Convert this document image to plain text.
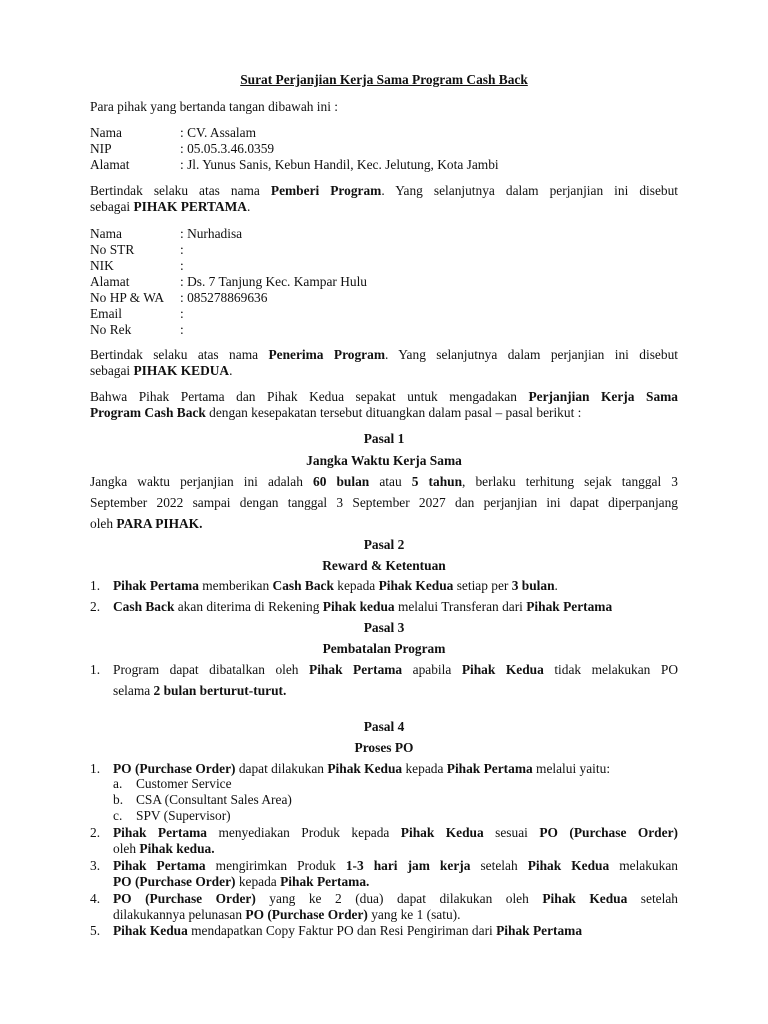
Surat Perjanjian Kerja Sama Program Cash Back
Para pihak yang bertanda tangan dibawah ini :
Nama	: CV. Assalam
NIP	: 05.05.3.46.0359
Alamat	: Jl. Yunus Sanis, Kebun Handil, Kec. Jelutung, Kota Jambi
Bertindak selaku atas nama Pemberi Program. Yang selanjutnya dalam perjanjian ini disebut
sebagai PIHAK PERTAMA.
Nama	: Nurhadisa
No STR	:
NIK	:
Alamat	: Ds. 7 Tanjung Kec. Kampar Hulu
No HP & WA : 085278869636
Email	:
No Rek	:
Bertindak selaku atas nama Penerima Program. Yang selanjutnya dalam perjanjian ini disebut
sebagai PIHAK KEDUA.
Bahwa Pihak Pertama dan Pihak Kedua sepakat untuk mengadakan Perjanjian Kerja Sama
Program Cash Back dengan kesepakatan tersebut dituangkan dalam pasal – pasal berikut :
Pasal 1
Jangka Waktu Kerja Sama
Jangka waktu perjanjian ini adalah 60 bulan atau 5 tahun, berlaku terhitung sejak tanggal 3
September 2022 sampai dengan tanggal 3 September 2027 dan perjanjian ini dapat diperpanjang
oleh PARA PIHAK.
Pasal 2
Reward & Ketentuan
1. Pihak Pertama memberikan Cash Back kepada Pihak Kedua setiap per 3 bulan.
2. Cash Back akan diterima di Rekening Pihak kedua melalui Transferan dari Pihak Pertama
Pasal 3
Pembatalan Program
1. Program dapat dibatalkan oleh Pihak Pertama apabila Pihak Kedua tidak melakukan PO
selama 2 bulan berturut-turut.
Pasal 4
Proses PO
1. PO (Purchase Order) dapat dilakukan Pihak Kedua kepada Pihak Pertama melalui yaitu:
a.	Customer Service
b. CSA (Consultant Sales Area)
c.	SPV (Supervisor)
2. Pihak Pertama menyediakan Produk kepada Pihak Kedua sesuai PO (Purchase Order)
oleh Pihak kedua.
3. Pihak Pertama mengirimkan Produk 1-3 hari jam kerja setelah Pihak Kedua melakukan
PO (Purchase Order) kepada Pihak Pertama.
4. PO (Purchase Order) yang ke 2 (dua) dapat dilakukan oleh Pihak Kedua setelah
dilakukannya pelunasan PO (Purchase Order) yang ke 1 (satu).
5. Pihak Kedua mendapatkan Copy Faktur PO dan Resi Pengiriman dari Pihak Pertama
